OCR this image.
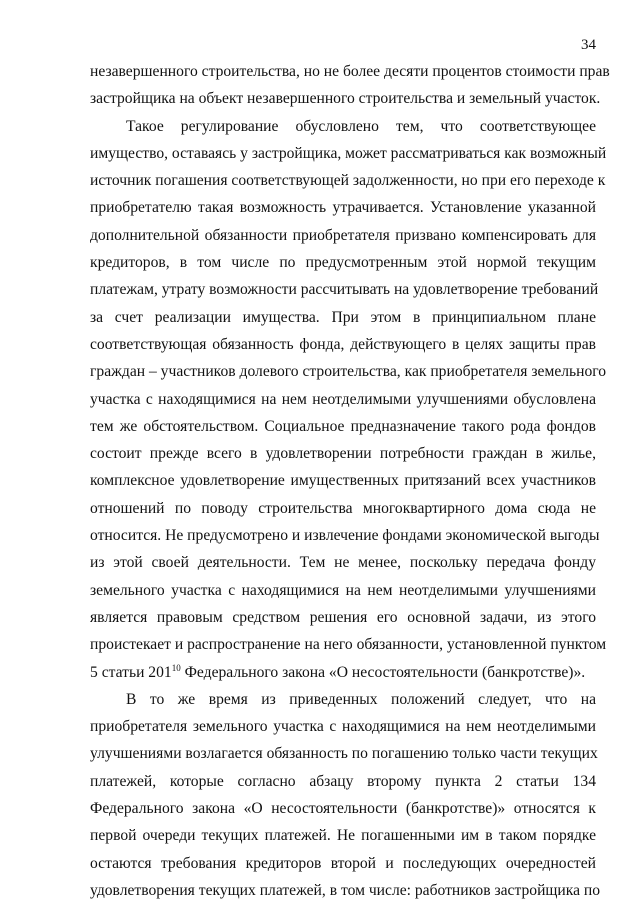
34
незавершенного строительства, но не более десяти процентов стоимости прав
застройщика на объект незавершенного строительства и земельный участок.
Такое регулирование обусловлено тем, что соответствующее
имущество, оставаясь у застройщика, может рассматриваться как возможный
источник погашения соответствующей задолженности, но при его переходе к
приобретателю такая возможность утрачивается. Установление указанной
дополнительной обязанности приобретателя призвано компенсировать для
кредиторов, в том числе по предусмотренным этой нормой текущим
платежам, утрату возможности рассчитывать на удовлетворение требований
за счет реализации имущества. При этом в принципиальном плане
соответствующая обязанность фонда, действующего в целях защиты прав
граждан – участников долевого строительства, как приобретателя земельного
участка с находящимися на нем неотделимыми улучшениями обусловлена
тем же обстоятельством. Социальное предназначение такого рода фондов
состоит прежде всего в удовлетворении потребности граждан в жилье,
комплексное удовлетворение имущественных притязаний всех участников
отношений по поводу строительства многоквартирного дома сюда не
относится. Не предусмотрено и извлечение фондами экономической выгоды
из этой своей деятельности. Тем не менее, поскольку передача фонду
земельного участка с находящимися на нем неотделимыми улучшениями
является правовым средством решения его основной задачи, из этого
проистекает и распространение на него обязанности, установленной пунктом
5 статьи $201^{10}$ Федерального закона «О несостоятельности (банкротстве)».
В то же время из приведенных положений следует, что на
приобретателя земельного участка с находящимися на нем неотделимыми
улучшениями возлагается обязанность по погашению только части текущих
платежей, которые согласно абзацу второму пункта 2 статьи 134
Федерального закона «О несостоятельности (банкротстве)» относятся к
первой очереди текущих платежей. Не погашенными им в таком порядке
остаются требования кредиторов второй и последующих очередностей
удовлетворения текущих платежей, в том числе: работников застройщика по
